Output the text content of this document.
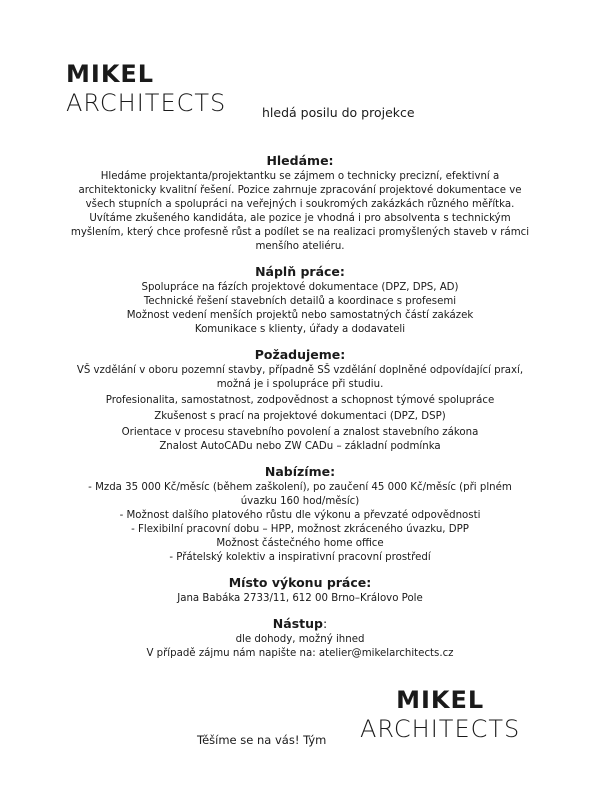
MIKEL
ARCHITECTS	hledá posilu do projekce
Hledáme:
Hledáme projektanta/projektantku se zájmem o technicky precizní, efektivní a architektonicky kvalitní řešení. Pozice zahrnuje zpracování projektové dokumentace ve všech stupních a spolupráci na veřejných i soukromých zakázkách různého měřítka. Uvítáme zkušeného kandidáta, ale pozice je vhodná i pro absolventa s technickým myšlením, který chce profesně růst a podílet se na realizaci promyšlených staveb v rámci menšího ateliéru.
Náplň práce:
Spolupráce na fázích projektové dokumentace (DPZ, DPS, AD)
Technické řešení stavebních detailů a koordinace s profesemi
Možnost vedení menších projektů nebo samostatných částí zakázek
Komunikace s klienty, úřady a dodavateli
Požadujeme:
VŠ vzdělání v oboru pozemní stavby, případně SŠ vzdělání doplněné odpovídající praxí, možná je i spolupráce při studiu.
Profesionalita, samostatnost, zodpovědnost a schopnost týmové spolupráce
Zkušenost s prací na projektové dokumentaci (DPZ, DSP)
Orientace v procesu stavebního povolení a znalost stavebního zákona
Znalost AutoCADu nebo ZW CADu – základní podmínka
Nabízíme:
- Mzda 35 000 Kč/měsíc (během zaškolení), po zaučení 45 000 Kč/měsíc (při plném úvazku 160 hod/měsíc)
- Možnost dalšího platového růstu dle výkonu a převzaté odpovědnosti
- Flexibilní pracovní dobu – HPP, možnost zkráceného úvazku, DPP
Možnost částečného home office
- Přátelský kolektiv a inspirativní pracovní prostředí
Místo výkonu práce:
Jana Babáka 2733/11, 612 00 Brno–Královo Pole
Nástup:
dle dohody, možný ihned
V případě zájmu nám napište na: atelier@mikelarchitects.cz
Těšíme se na vás! Tým
MIKEL
ARCHITECTS
